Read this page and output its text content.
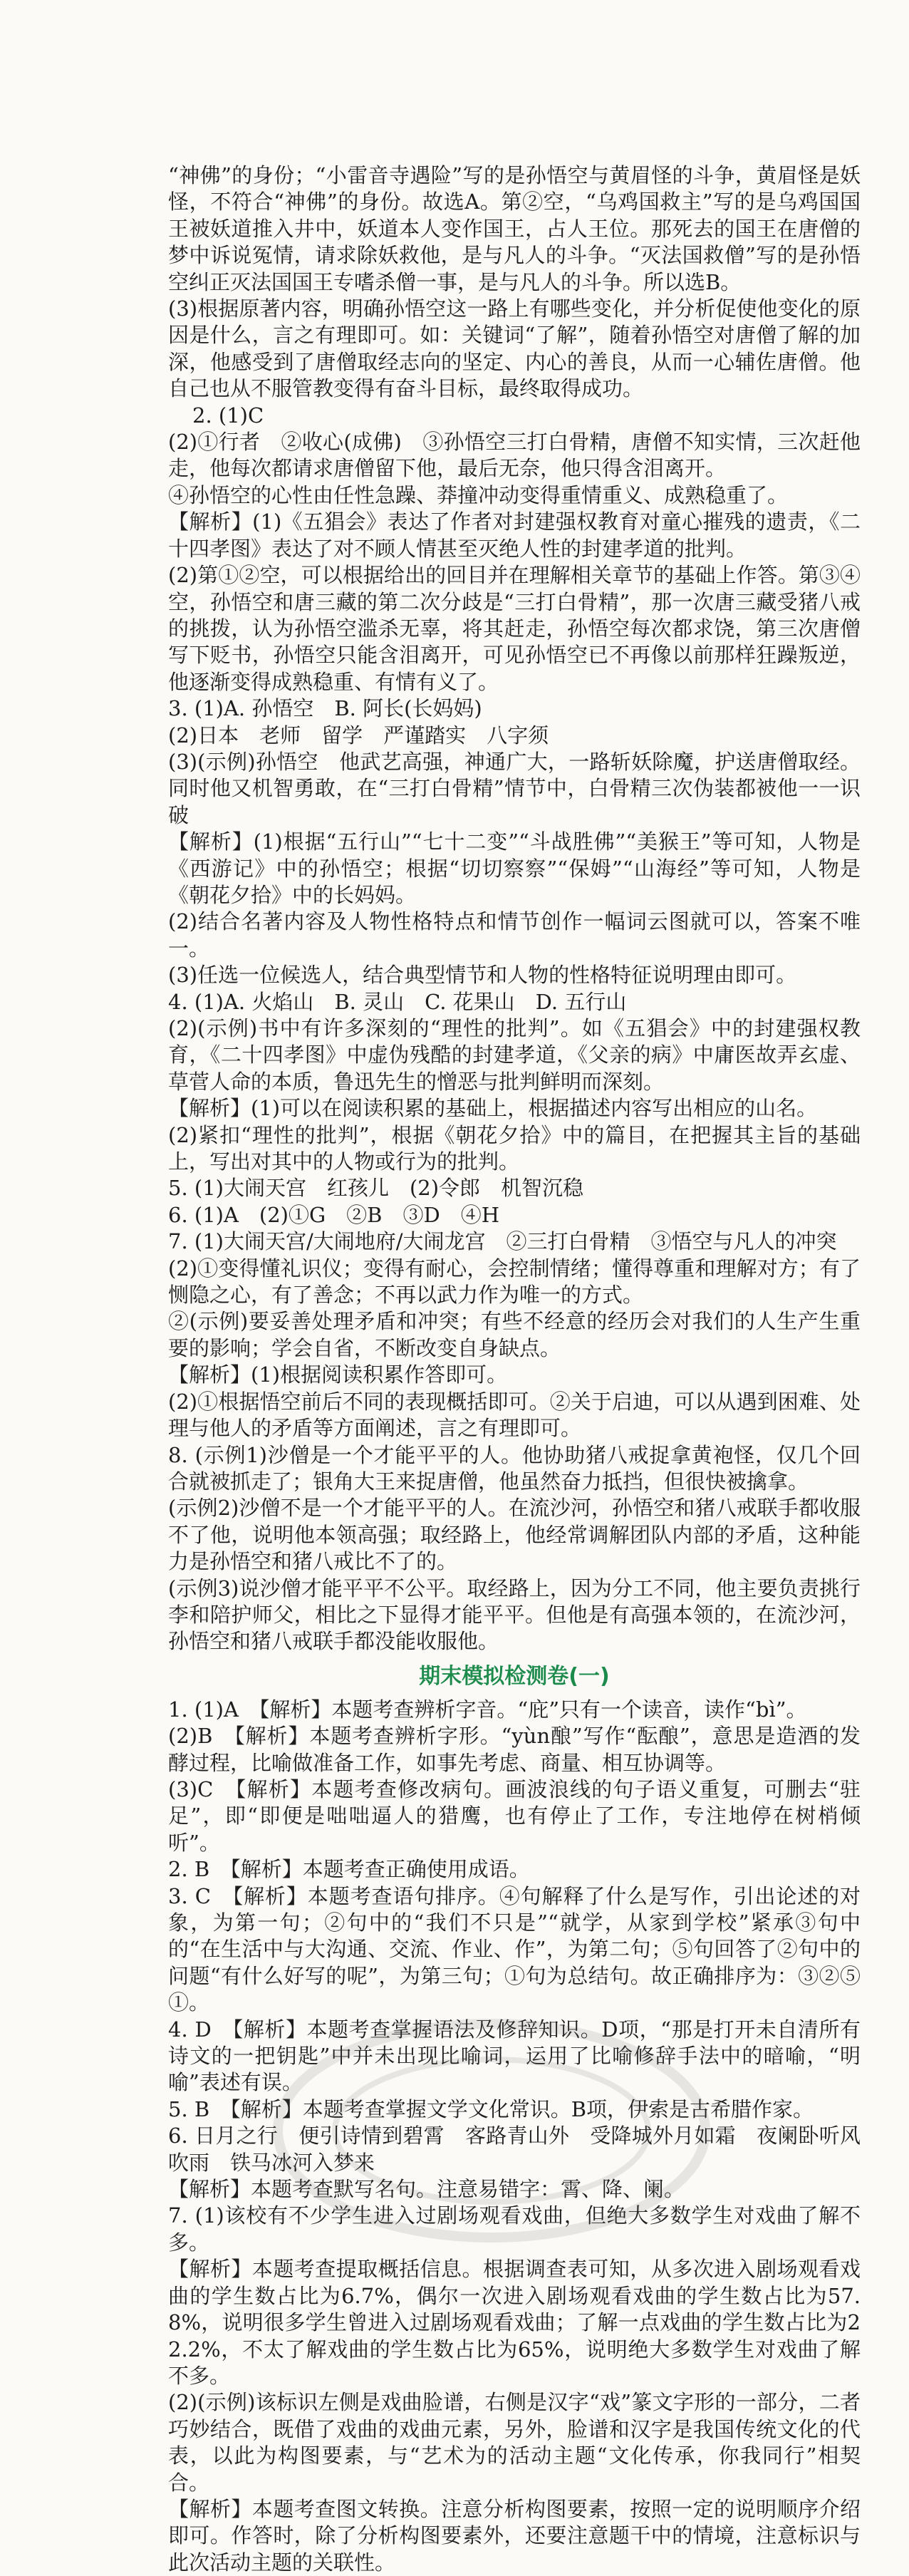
“神佛”的身份；“小雷音寺遇险”写的是孙悟空与黄眉怪的斗争，黄眉怪是妖怪，不符合“神佛”的身份。故选A。第②空，“乌鸡国救主”写的是乌鸡国国王被妖道推入井中，妖道本人变作国王，占人王位。那死去的国王在唐僧的梦中诉说冤情，请求除妖救他，是与凡人的斗争。“灭法国救僧”写的是孙悟空纠正灭法国国王专嗜杀僧一事，是与凡人的斗争。所以选B。

(3)根据原著内容，明确孙悟空这一路上有哪些变化，并分析促使他变化的原因是什么，言之有理即可。如：关键词“了解”，随着孙悟空对唐僧了解的加深，他感受到了唐僧取经志向的坚定、内心的善良，从而一心辅佐唐僧。他自己也从不服管教变得有奋斗目标，最终取得成功。

2. (1)C

(2)①行者　②收心(成佛)　③孙悟空三打白骨精，唐僧不知实情，三次赶他走，他每次都请求唐僧留下他，最后无奈，他只得含泪离开。

④孙悟空的心性由任性急躁、莽撞冲动变得重情重义、成熟稳重了。

【解析】(1)《五猖会》表达了作者对封建强权教育对童心摧残的遗责，《二十四孝图》表达了对不顾人情甚至灭绝人性的封建孝道的批判。

(2)第①②空，可以根据给出的回目并在理解相关章节的基础上作答。第③④空，孙悟空和唐三藏的第二次分歧是“三打白骨精”，那一次唐三藏受猪八戒的挑拨，认为孙悟空滥杀无辜，将其赶走，孙悟空每次都求饶，第三次唐僧写下贬书，孙悟空只能含泪离开，可见孙悟空已不再像以前那样狂躁叛逆，他逐渐变得成熟稳重、有情有义了。

3. (1)A. 孙悟空　B. 阿长(长妈妈)

(2)日本　老师　留学　严谨踏实　八字须

(3)(示例)孙悟空　他武艺高强，神通广大，一路斩妖除魔，护送唐僧取经。同时他又机智勇敢，在“三打白骨精”情节中，白骨精三次伪装都被他一一识破

【解析】(1)根据“五行山”“七十二变”“斗战胜佛”“美猴王”等可知，人物是《西游记》中的孙悟空；根据“切切察察”“保姆”“山海经”等可知，人物是《朝花夕拾》中的长妈妈。

(2)结合名著内容及人物性格特点和情节创作一幅词云图就可以，答案不唯一。

(3)任选一位候选人，结合典型情节和人物的性格特征说明理由即可。

4. (1)A. 火焰山　B. 灵山　C. 花果山　D. 五行山

(2)(示例)书中有许多深刻的“理性的批判”。如《五猖会》中的封建强权教育，《二十四孝图》中虚伪残酷的封建孝道，《父亲的病》中庸医故弄玄虚、草菅人命的本质，鲁迅先生的憎恶与批判鲜明而深刻。

【解析】(1)可以在阅读积累的基础上，根据描述内容写出相应的山名。

(2)紧扣“理性的批判”，根据《朝花夕拾》中的篇目，在把握其主旨的基础上，写出对其中的人物或行为的批判。

5. (1)大闹天宫　红孩儿　(2)令郎　机智沉稳

6. (1)A　(2)①G　②B　③D　④H

7. (1)大闹天宫/大闹地府/大闹龙宫　②三打白骨精　③悟空与凡人的冲突

(2)①变得懂礼识仪；变得有耐心，会控制情绪；懂得尊重和理解对方；有了恻隐之心，有了善念；不再以武力作为唯一的方式。

②(示例)要妥善处理矛盾和冲突；有些不经意的经历会对我们的人生产生重要的影响；学会自省，不断改变自身缺点。

【解析】(1)根据阅读积累作答即可。

(2)①根据悟空前后不同的表现概括即可。②关于启迪，可以从遇到困难、处理与他人的矛盾等方面阐述，言之有理即可。

8. (示例1)沙僧是一个才能平平的人。他协助猪八戒捉拿黄袍怪，仅几个回合就被抓走了；银角大王来捉唐僧，他虽然奋力抵挡，但很快被擒拿。

(示例2)沙僧不是一个才能平平的人。在流沙河，孙悟空和猪八戒联手都收服不了他，说明他本领高强；取经路上，他经常调解团队内部的矛盾，这种能力是孙悟空和猪八戒比不了的。

(示例3)说沙僧才能平平不公平。取经路上，因为分工不同，他主要负责挑行李和陪护师父，相比之下显得才能平平。但他是有高强本领的，在流沙河，孙悟空和猪八戒联手都没能收服他。

期末模拟检测卷(一)

1. (1)A　【解析】本题考查辨析字音。“庇”只有一个读音，读作“bì”。

(2)B　【解析】本题考查辨析字形。“yùn酿”写作“酝酿”，意思是造酒的发酵过程，比喻做准备工作，如事先考虑、商量、相互协调等。

(3)C　【解析】本题考查修改病句。画波浪线的句子语义重复，可删去“驻足”，即“即便是咄咄逼人的猎鹰，也有停止了工作，专注地停在树梢倾听”。

2. B　【解析】本题考查正确使用成语。

3. C　【解析】本题考查语句排序。④句解释了什么是写作，引出论述的对象，为第一句；②句中的“我们不只是”“就学，从家到学校”紧承③句中的“在生活中与大沟通、交流、作业、作”，为第二句；⑤句回答了②句中的问题“有什么好写的呢”，为第三句；①句为总结句。故正确排序为：③②⑤①。

4. D　【解析】本题考查掌握语法及修辞知识。D项，“那是打开未自清所有诗文的一把钥匙”中并未出现比喻词，运用了比喻修辞手法中的暗喻，“明喻”表述有误。

5. B　【解析】本题考查掌握文学文化常识。B项，伊索是古希腊作家。

6. 日月之行　便引诗情到碧霄　客路青山外　受降城外月如霜　夜阑卧听风吹雨　铁马冰河入梦来

【解析】本题考查默写名句。注意易错字：霄、降、阑。

7. (1)该校有不少学生进入过剧场观看戏曲，但绝大多数学生对戏曲了解不多。

【解析】本题考查提取概括信息。根据调查表可知，从多次进入剧场观看戏曲的学生数占比为6.7%，偶尔一次进入剧场观看戏曲的学生数占比为57.8%，说明很多学生曾进入过剧场观看戏曲；了解一点戏曲的学生数占比为22.2%，不太了解戏曲的学生数占比为65%，说明绝大多数学生对戏曲了解不多。

(2)(示例)该标识左侧是戏曲脸谱，右侧是汉字“戏”篆文字形的一部分，二者巧妙结合，既借了戏曲的戏曲元素，另外，脸谱和汉字是我国传统文化的代表，以此为构图要素，与“艺术为的活动主题“文化传承，你我同行”相契合。

【解析】本题考查图文转换。注意分析构图要素，按照一定的说明顺序介绍即可。作答时，除了分析构图要素外，还要注意题干中的情境，注意标识与此次活动主题的关联性。
